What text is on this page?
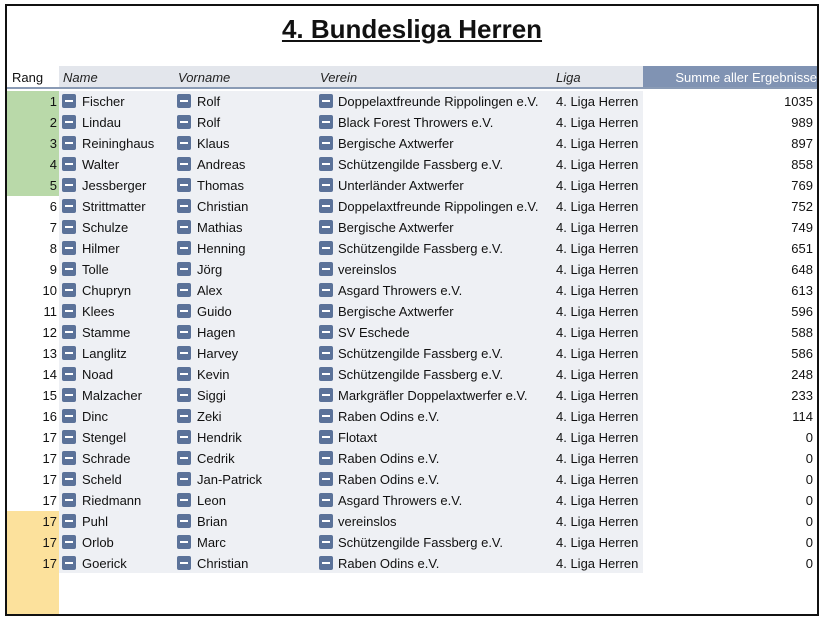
4. Bundesliga Herren
Rang	Name	Vorname	Verein	Liga	Summe aller Ergebnisse
1 Fischer	Rolf	Doppelaxtfreunde Rippolingen e.V.	4. Liga Herren	1035
2 Lindau	Rolf	Black Forest Throwers e.V.	4. Liga Herren	989
3 Reininghaus	Klaus	Bergische Axtwerfer	4. Liga Herren	897
4 Walter	Andreas	Schützengilde Fassberg e.V.	4. Liga Herren	858
5 Jessberger	Thomas	Unterländer Axtwerfer	4. Liga Herren	769
6 Strittmatter	Christian	Doppelaxtfreunde Rippolingen e.V.	4. Liga Herren	752
7 Schulze	Mathias	Bergische Axtwerfer	4. Liga Herren	749
8 Hilmer	Henning	Schützengilde Fassberg e.V.	4. Liga Herren	651
9 Tolle	Jörg	vereinslos	4. Liga Herren	648
10 Chupryn	Alex	Asgard Throwers e.V.	4. Liga Herren	613
11 Klees	Guido	Bergische Axtwerfer	4. Liga Herren	596
12 Stamme	Hagen	SV Eschede	4. Liga Herren	588
13 Langlitz	Harvey	Schützengilde Fassberg e.V.	4. Liga Herren	586
14 Noad	Kevin	Schützengilde Fassberg e.V.	4. Liga Herren	248
15 Malzacher	Siggi	Markgräfler Doppelaxtwerfer e.V.	4. Liga Herren	233
16 Dinc	Zeki	Raben Odins e.V.	4. Liga Herren	114
17 Stengel	Hendrik	Flotaxt	4. Liga Herren	0
17 Schrade	Cedrik	Raben Odins e.V.	4. Liga Herren	0
17 Scheld	Jan-Patrick	Raben Odins e.V.	4. Liga Herren	0
17 Riedmann	Leon	Asgard Throwers e.V.	4. Liga Herren	0
17 Puhl	Brian	vereinslos	4. Liga Herren	0
17 Orlob	Marc	Schützengilde Fassberg e.V.	4. Liga Herren	0
17 Goerick	Christian	Raben Odins e.V.	4. Liga Herren	0
